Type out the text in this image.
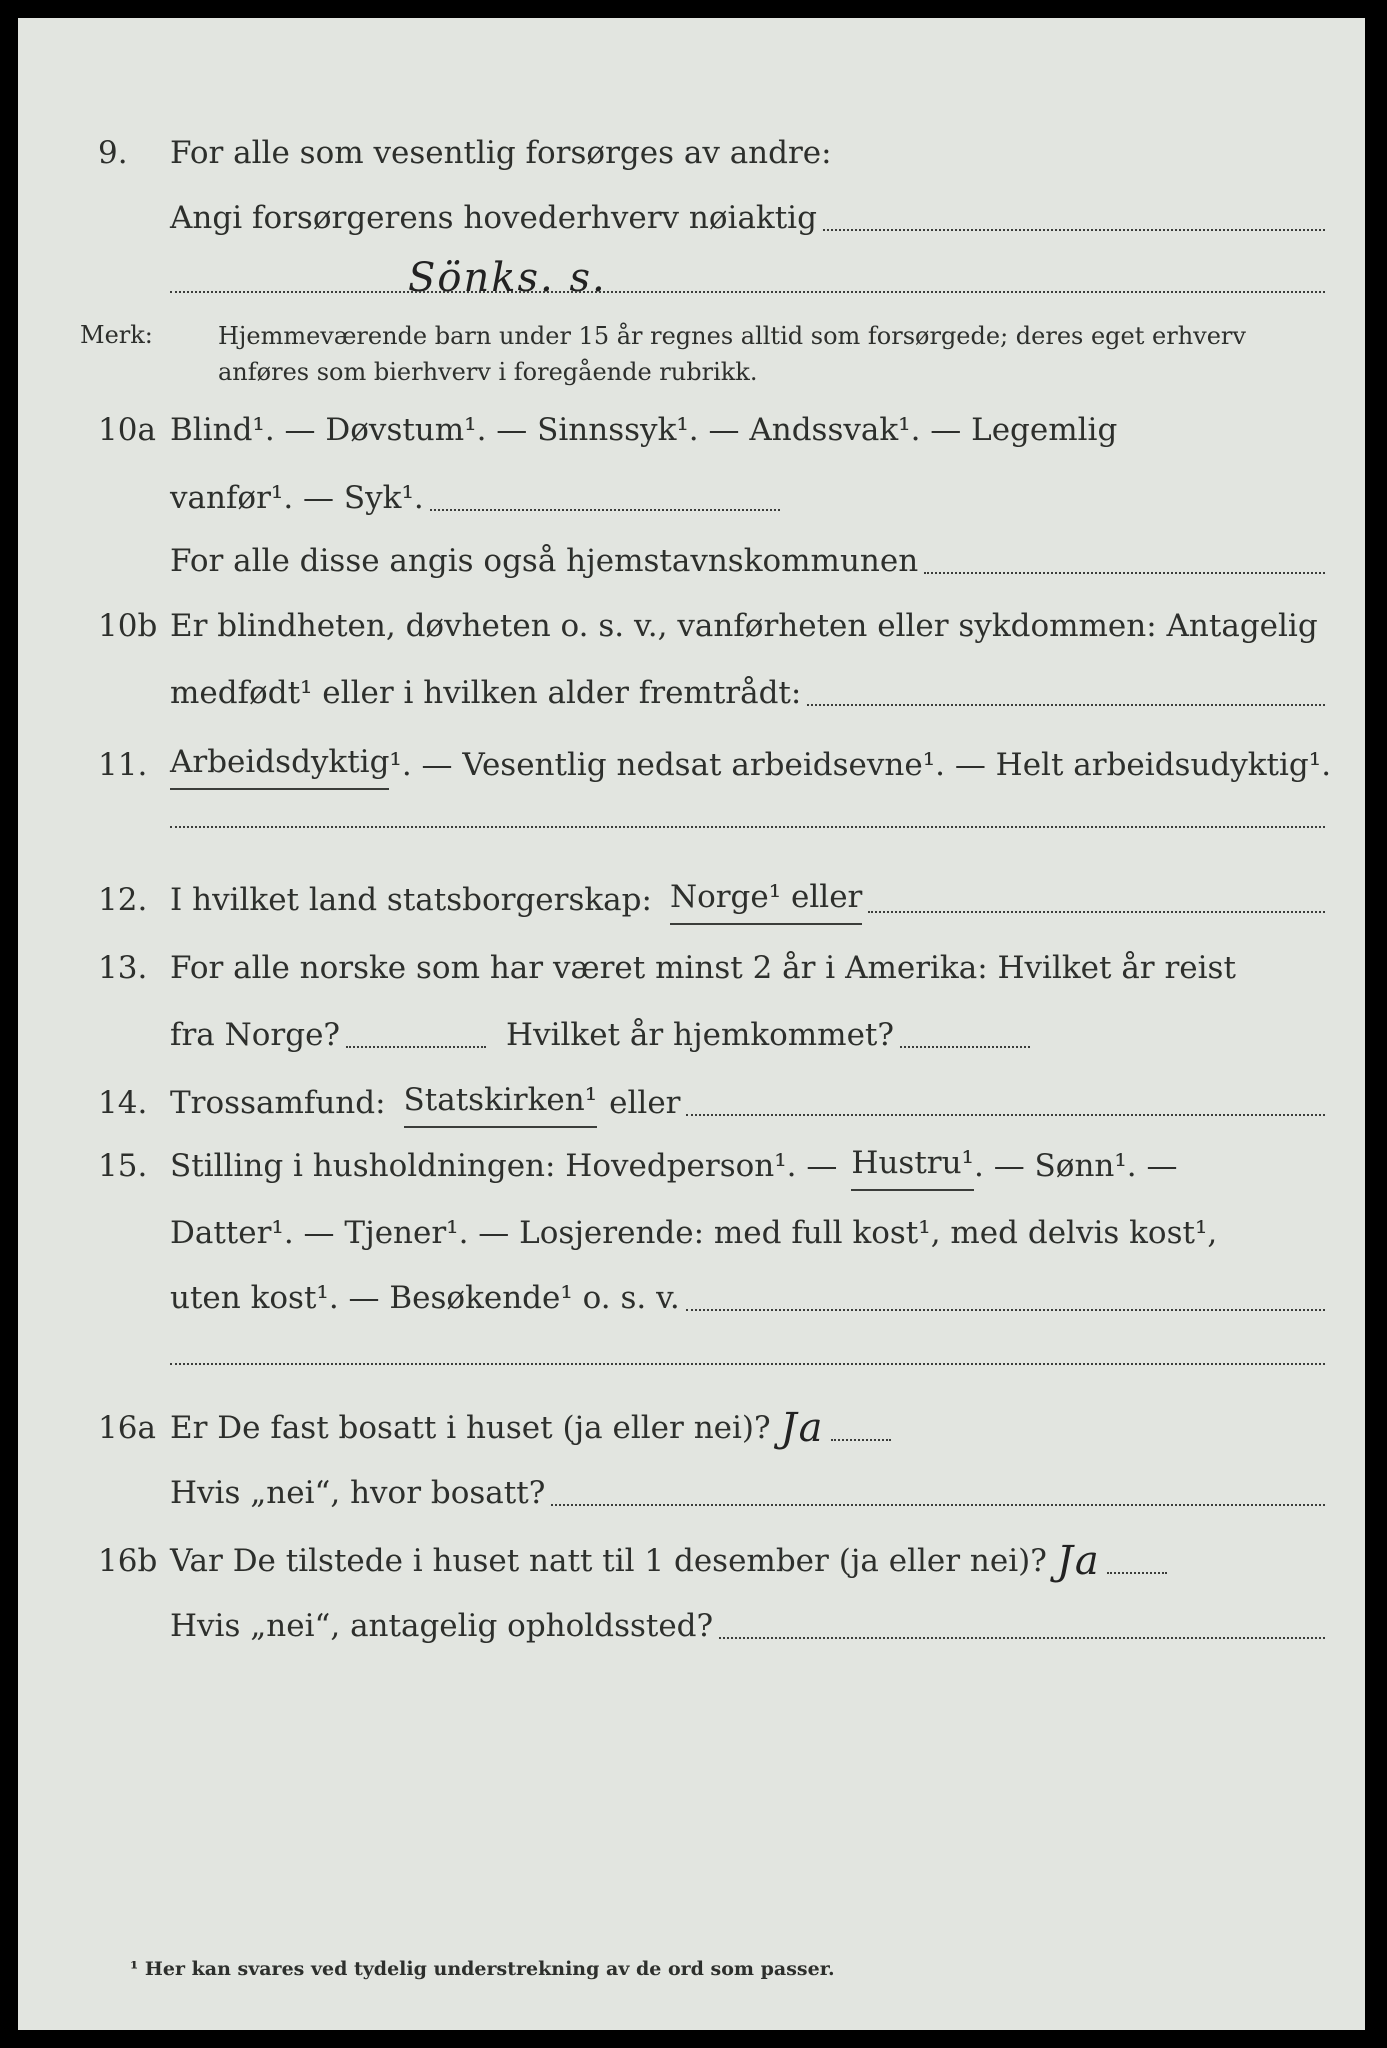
9. For alle som vesentlig forsørges av andre:
Angi forsørgerens hovederhverv nøiaktig
Sönks. s.
Merk:	Hjemmeværende barn under 15 år regnes alltid som forsørgede; deres eget erhverv anføres som bierhverv i foregående rubrikk.
10a Blind¹. — Døvstum¹. — Sinnssyk¹. — Andssvak¹. — Legemlig
vanfør¹. — Syk¹.
For alle disse angis også hjemstavnskommunen
10b Er blindheten, døvheten o. s. v., vanførheten eller sykdommen: Antagelig
medfødt¹ eller i hvilken alder fremtrådt:
11. Arbeidsdyktig ¹. — Vesentlig nedsat arbeidsevne¹. — Helt arbeidsudyktig¹.
12. I hvilket land statsborgerskap: Norge¹ eller
13. For alle norske som har været minst 2 år i Amerika: Hvilket år reist
fra Norge?	Hvilket år hjemkommet?
14. Trossamfund: Statskirken¹ eller
15. Stilling i husholdningen: Hovedperson¹. — Hustru¹ . — Sønn¹. —
Datter¹. — Tjener¹. — Losjerende: med full kost¹, med delvis kost¹,
uten kost¹. — Besøkende¹ o. s. v.
16a Er De fast bosatt i huset (ja eller nei)? Ja
Hvis „nei“, hvor bosatt?
16b Var De tilstede i huset natt til 1 desember (ja eller nei)? Ja
Hvis „nei“, antagelig opholdssted?
¹ Her kan svares ved tydelig understrekning av de ord som passer.
